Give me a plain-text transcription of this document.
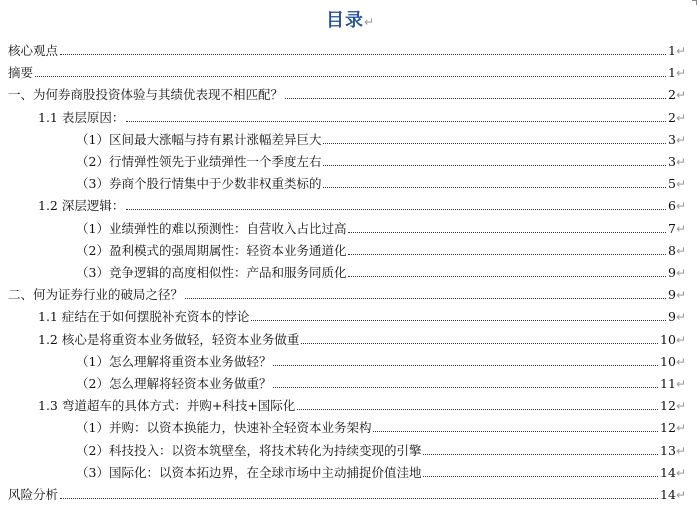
目录↵
核心观点	1 ↵
摘要	1 ↵
一、为何券商股投资体验与其绩优表现不相匹配？	2 ↵
1.1 表层原因：	2 ↵
（1）区间最大涨幅与持有累计涨幅差异巨大	3 ↵
（2）行情弹性领先于业绩弹性一个季度左右	3 ↵
（3）券商个股行情集中于少数非权重类标的	5 ↵
1.2 深层逻辑：	6 ↵
（1）业绩弹性的难以预测性：自营收入占比过高	7 ↵
（2）盈利模式的强周期属性：轻资本业务通道化	8 ↵
（3）竞争逻辑的高度相似性：产品和服务同质化	9 ↵
二、何为证券行业的破局之径？	9 ↵
1.1 症结在于如何摆脱补充资本的悖论	9 ↵
1.2 核心是将重资本业务做轻，轻资本业务做重	10 ↵
（1）怎么理解将重资本业务做轻？	10 ↵
（2）怎么理解将轻资本业务做重？	11 ↵
1.3 弯道超车的具体方式：并购+科技+国际化	12 ↵
（1）并购：以资本换能力，快速补全轻资本业务架构	12 ↵
（2）科技投入：以资本筑壁垒，将技术转化为持续变现的引擎	13 ↵
（3）国际化：以资本拓边界，在全球市场中主动捕捉价值洼地	14 ↵
风险分析	14 ↵
